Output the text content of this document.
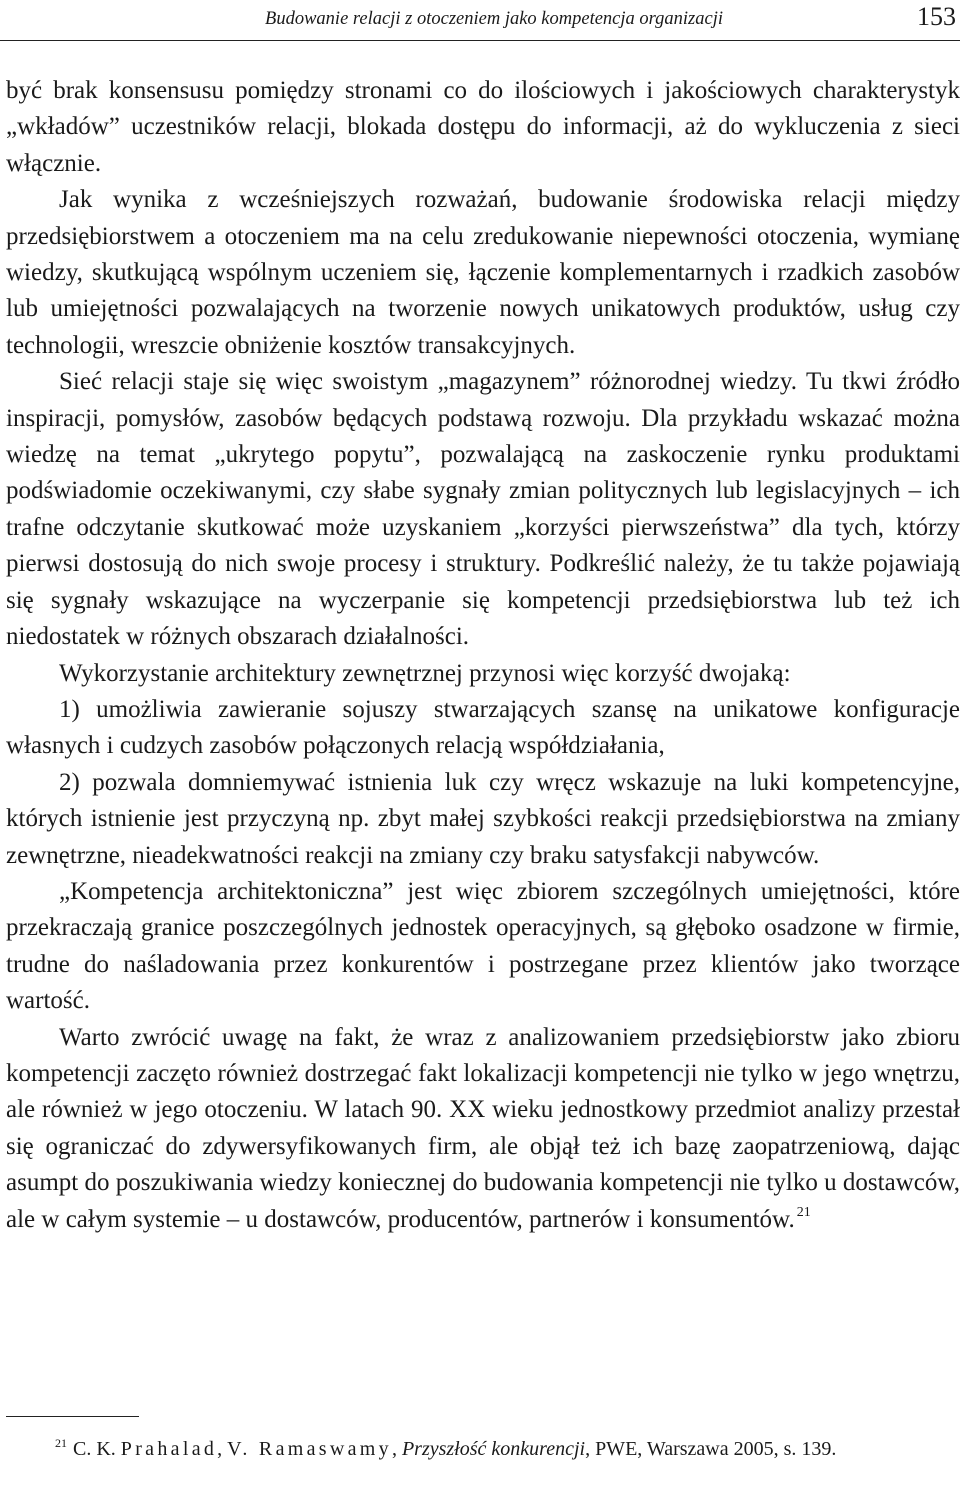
Budowanie relacji z otoczeniem jako kompetencja organizacji	153

być brak konsensusu pomiędzy stronami co do ilościowych i jakościowych charakterystyk „wkładów” uczestników relacji, blokada dostępu do informacji, aż do wykluczenia z sieci włącznie.

Jak wynika z wcześniejszych rozważań, budowanie środowiska relacji między przedsiębiorstwem a otoczeniem ma na celu zredukowanie niepewności otoczenia, wymianę wiedzy, skutkującą wspólnym uczeniem się, łączenie komplementarnych i rzadkich zasobów lub umiejętności pozwalających na tworzenie nowych unikatowych produktów, usług czy technologii, wreszcie obniżenie kosztów transakcyjnych.

Sieć relacji staje się więc swoistym „magazynem” różnorodnej wiedzy. Tu tkwi źródło inspiracji, pomysłów, zasobów będących podstawą rozwoju. Dla przykładu wskazać można wiedzę na temat „ukrytego popytu”, pozwalającą na zaskoczenie rynku produktami podświadomie oczekiwanymi, czy słabe sygnały zmian politycznych lub legislacyjnych – ich trafne odczytanie skutkować może uzyskaniem „korzyści pierwszeństwa” dla tych, którzy pierwsi dostosują do nich swoje procesy i struktury. Podkreślić należy, że tu także pojawiają się sygnały wskazujące na wyczerpanie się kompetencji przedsiębiorstwa lub też ich niedostatek w różnych obszarach działalności.

Wykorzystanie architektury zewnętrznej przynosi więc korzyść dwojaką:

1) umożliwia zawieranie sojuszy stwarzających szansę na unikatowe konfiguracje własnych i cudzych zasobów połączonych relacją współdziałania,

2) pozwala domniemywać istnienia luk czy wręcz wskazuje na luki kompetencyjne, których istnienie jest przyczyną np. zbyt małej szybkości reakcji przedsiębiorstwa na zmiany zewnętrzne, nieadekwatności reakcji na zmiany czy braku satysfakcji nabywców.

„Kompetencja architektoniczna” jest więc zbiorem szczególnych umiejętności, które przekraczają granice poszczególnych jednostek operacyjnych, są głęboko osadzone w firmie, trudne do naśladowania przez konkurentów i postrzegane przez klientów jako tworzące wartość.

Warto zwrócić uwagę na fakt, że wraz z analizowaniem przedsiębiorstw jako zbioru kompetencji zaczęto również dostrzegać fakt lokalizacji kompetencji nie tylko w jego wnętrzu, ale również w jego otoczeniu. W latach 90. XX wieku jednostkowy przedmiot analizy przestał się ograniczać do zdywersyfikowanych firm, ale objął też ich bazę zaopatrzeniową, dając asumpt do poszukiwania wiedzy koniecznej do budowania kompetencji nie tylko u dostawców, ale w całym systemie – u dostawców, producentów, partnerów i konsumentów. $^{21}$

$^{21}$ C. K. Prahalad, V. Ramaswamy, Przyszłość konkurencji, PWE, Warszawa 2005, s. 139.
